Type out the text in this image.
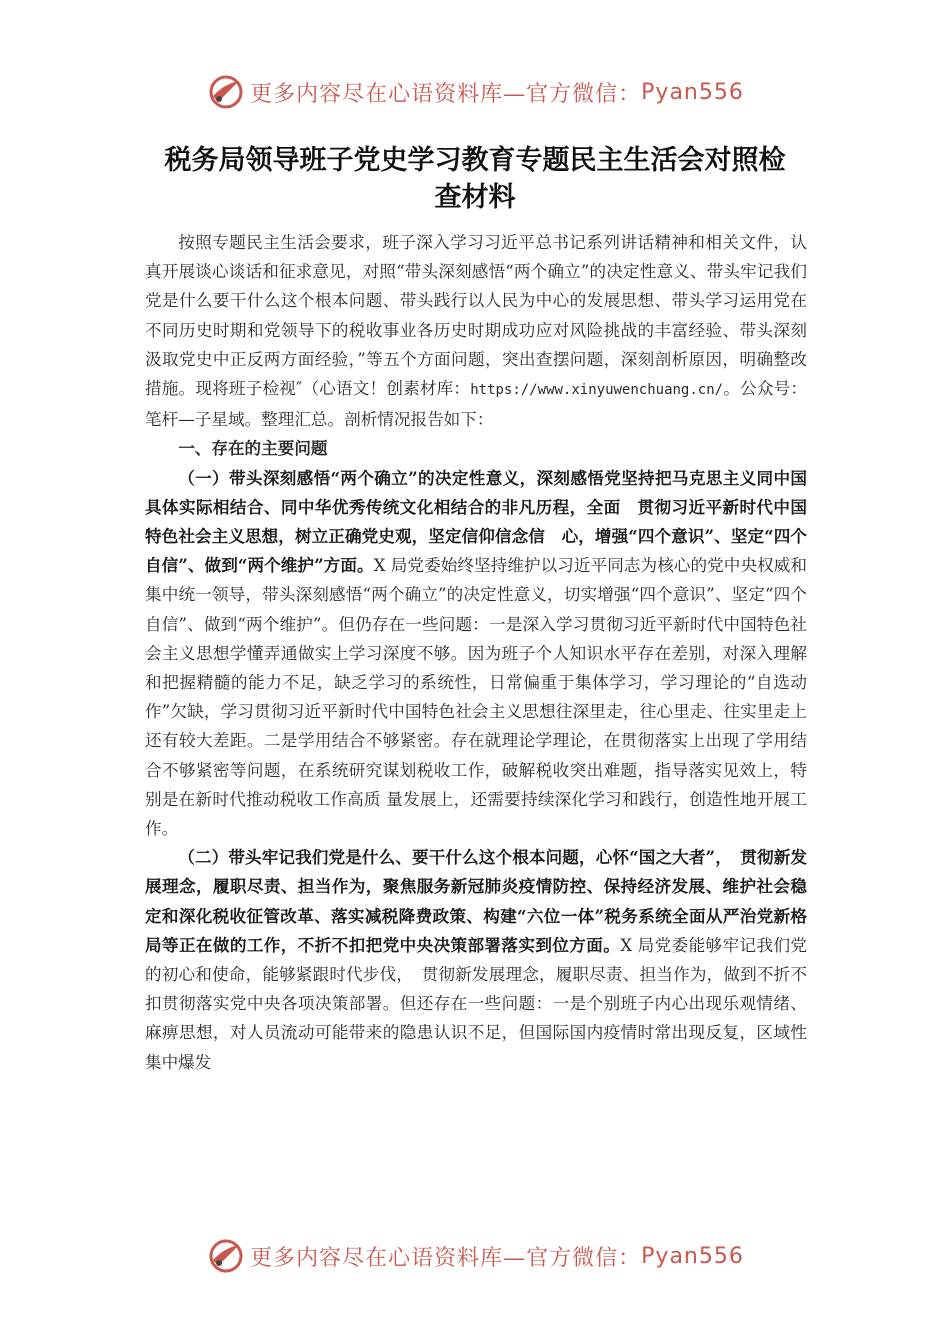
更多内容尽在心语资料库—官方微信： Pyan556
税务局领导班子党史学习教育专题民主生活会对照检
查材料

按照专题民主生活会要求，班子深入学习习近平总书记系列讲话精神和相关文件，认真开展谈心谈话和征求意见，对照“带头深刻感悟“两个确立”的决定性意义、带头牢记我们党是什么要干什么这个根本问题、带头践行以人民为中心的发展思想、带头学习运用党在不同历史时期和党领导下的税收事业各历史时期成功应对风险挑战的丰富经验、带头深刻汲取党史中正反两方面经验，”等五个方面问题，突出查摆问题，深刻剖析原因，明确整改措施。现将班子检视″（心语文！创素材库：https://www.xinyuwenchuang.cn/。公众号：笔杆—子星域。整理汇总。剖析情况报告如下：

一、存在的主要问题

（一）带头深刻感悟“两个确立”的决定性意义，深刻感悟党坚持把马克思主义同中国具体实际相结合、同中华优秀传统文化相结合的非凡历程，全面　贯彻习近平新时代中国特色社会主义思想，树立正确党史观，坚定信仰信念信　心，增强“四个意识”、坚定“四个自信”、做到“两个维护”方面。X 局党委始终坚持维护以习近平同志为核心的党中央权威和集中统一领导，带头深刻感悟“两个确立”的决定性意义，切实增强“四个意识”、坚定“四个自信”、做到“两个维护”。但仍存在一些问题：一是深入学习贯彻习近平新时代中国特色社 会主义思想学懂弄通做实上学习深度不够。因为班子个人知识水平存在差别，对深入理解和把握精髓的能力不足，缺乏学习的系统性，日常偏重于集体学习，学习理论的“自选动作”欠缺，学习贯彻习近平新时代中国特色社会主义思想往深里走，往心里走、往实里走上还有较大差距。二是学用结合不够紧密。存在就理论学理论，在贯彻落实上出现了学用结合不够紧密等问题，在系统研究谋划税收工作，破解税收突出难题，指导落实见效上，特别是在新时代推动税收工作高质 量发展上，还需要持续深化学习和践行，创造性地开展工作。

（二）带头牢记我们党是什么、要干什么这个根本问题，心怀“国之大者”，　贯彻新发展理念，履职尽责、担当作为，聚焦服务新冠肺炎疫情防控、保持经济发展、维护社会稳定和深化税收征管改革、落实减税降费政策、构建“六位一体”税务系统全面从严治党新格局等正在做的工作，不折不扣把党中央决策部署落实到位方面。X 局党委能够牢记我们党的初心和使命，能够紧跟时代步伐，　贯彻新发展理念，履职尽责、担当作为，做到不折不扣贯彻落实党中央各项决策部署。但还存在一些问题：一是个别班子内心出现乐观情绪、麻痹思想，对人员流动可能带来的隐患认识不足，但国际国内疫情时常出现反复，区域性集中爆发

更多内容尽在心语资料库—官方微信： Pyan556
